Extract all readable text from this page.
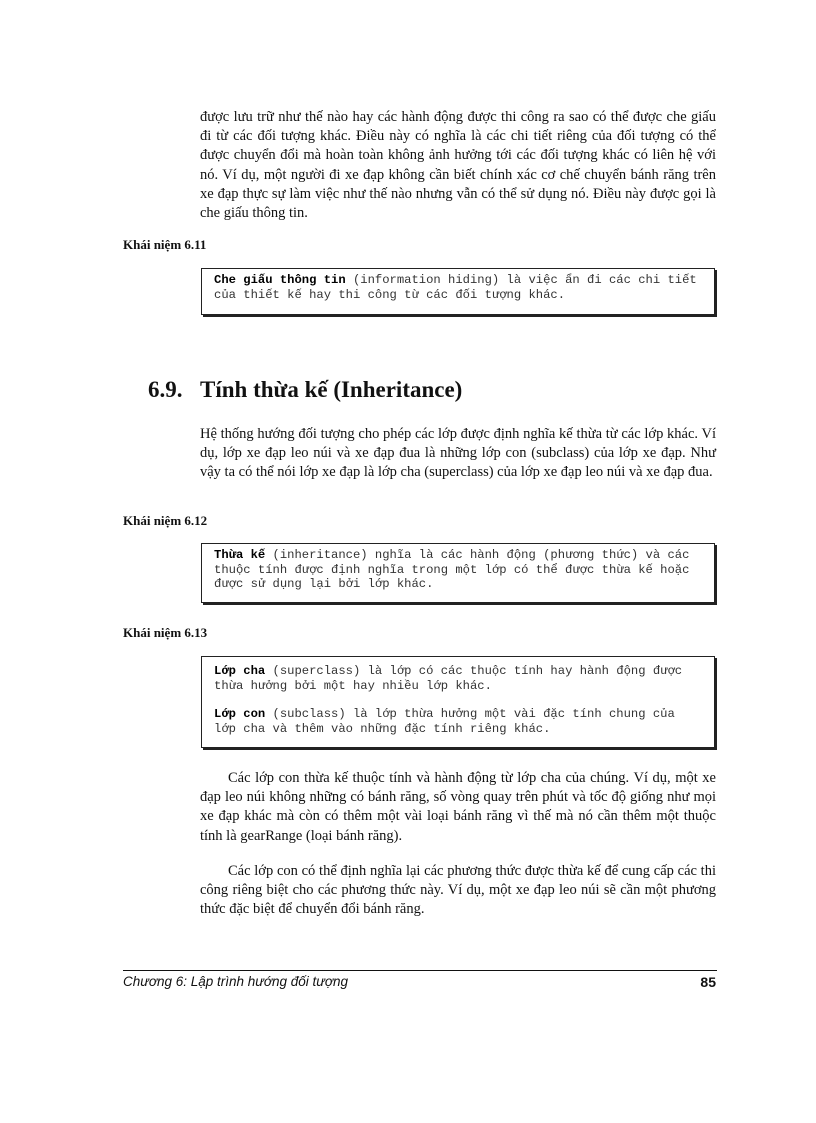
được lưu trữ như thế nào hay các hành động được thi công ra sao có thể được che giấu đi từ các đối tượng khác. Điều này có nghĩa là các chi tiết riêng của đối tượng có thể được chuyển đổi mà hoàn toàn không ảnh hưởng tới các đối tượng khác có liên hệ với nó. Ví dụ, một người đi xe đạp không cần biết chính xác cơ chế chuyển bánh răng trên xe đạp thực sự làm việc như thế nào nhưng vẫn có thể sử dụng nó. Điều này được gọi là che giấu thông tin.

Khái niệm 6.11

Che giấu thông tin (information hiding) là việc ẩn đi các chi tiết của thiết kế hay thi công từ các đối tượng khác.

6.9. Tính thừa kế (Inheritance)

Hệ thống hướng đối tượng cho phép các lớp được định nghĩa kế thừa từ các lớp khác. Ví dụ, lớp xe đạp leo núi và xe đạp đua là những lớp con (subclass) của lớp xe đạp. Như vậy ta có thể nói lớp xe đạp là lớp cha (superclass) của lớp xe đạp leo núi và xe đạp đua.

Khái niệm 6.12

Thừa kế (inheritance) nghĩa là các hành động (phương thức) và các thuộc tính được định nghĩa trong một lớp có thể được thừa kế hoặc được sử dụng lại bởi lớp khác.

Khái niệm 6.13

Lớp cha (superclass) là lớp có các thuộc tính hay hành động được thừa hưởng bởi một hay nhiều lớp khác.

Lớp con (subclass) là lớp thừa hưởng một vài đặc tính chung của lớp cha và thêm vào những đặc tính riêng khác.

Các lớp con thừa kế thuộc tính và hành động từ lớp cha của chúng. Ví dụ, một xe đạp leo núi không những có bánh răng, số vòng quay trên phút và tốc độ giống như mọi xe đạp khác mà còn có thêm một vài loại bánh răng vì thế mà nó cần thêm một thuộc tính là gearRange (loại bánh răng).

Các lớp con có thể định nghĩa lại các phương thức được thừa kế để cung cấp các thi công riêng biệt cho các phương thức này. Ví dụ, một xe đạp leo núi sẽ cần một phương thức đặc biệt để chuyển đổi bánh răng.

Chương 6: Lập trình hướng đối tượng	85
